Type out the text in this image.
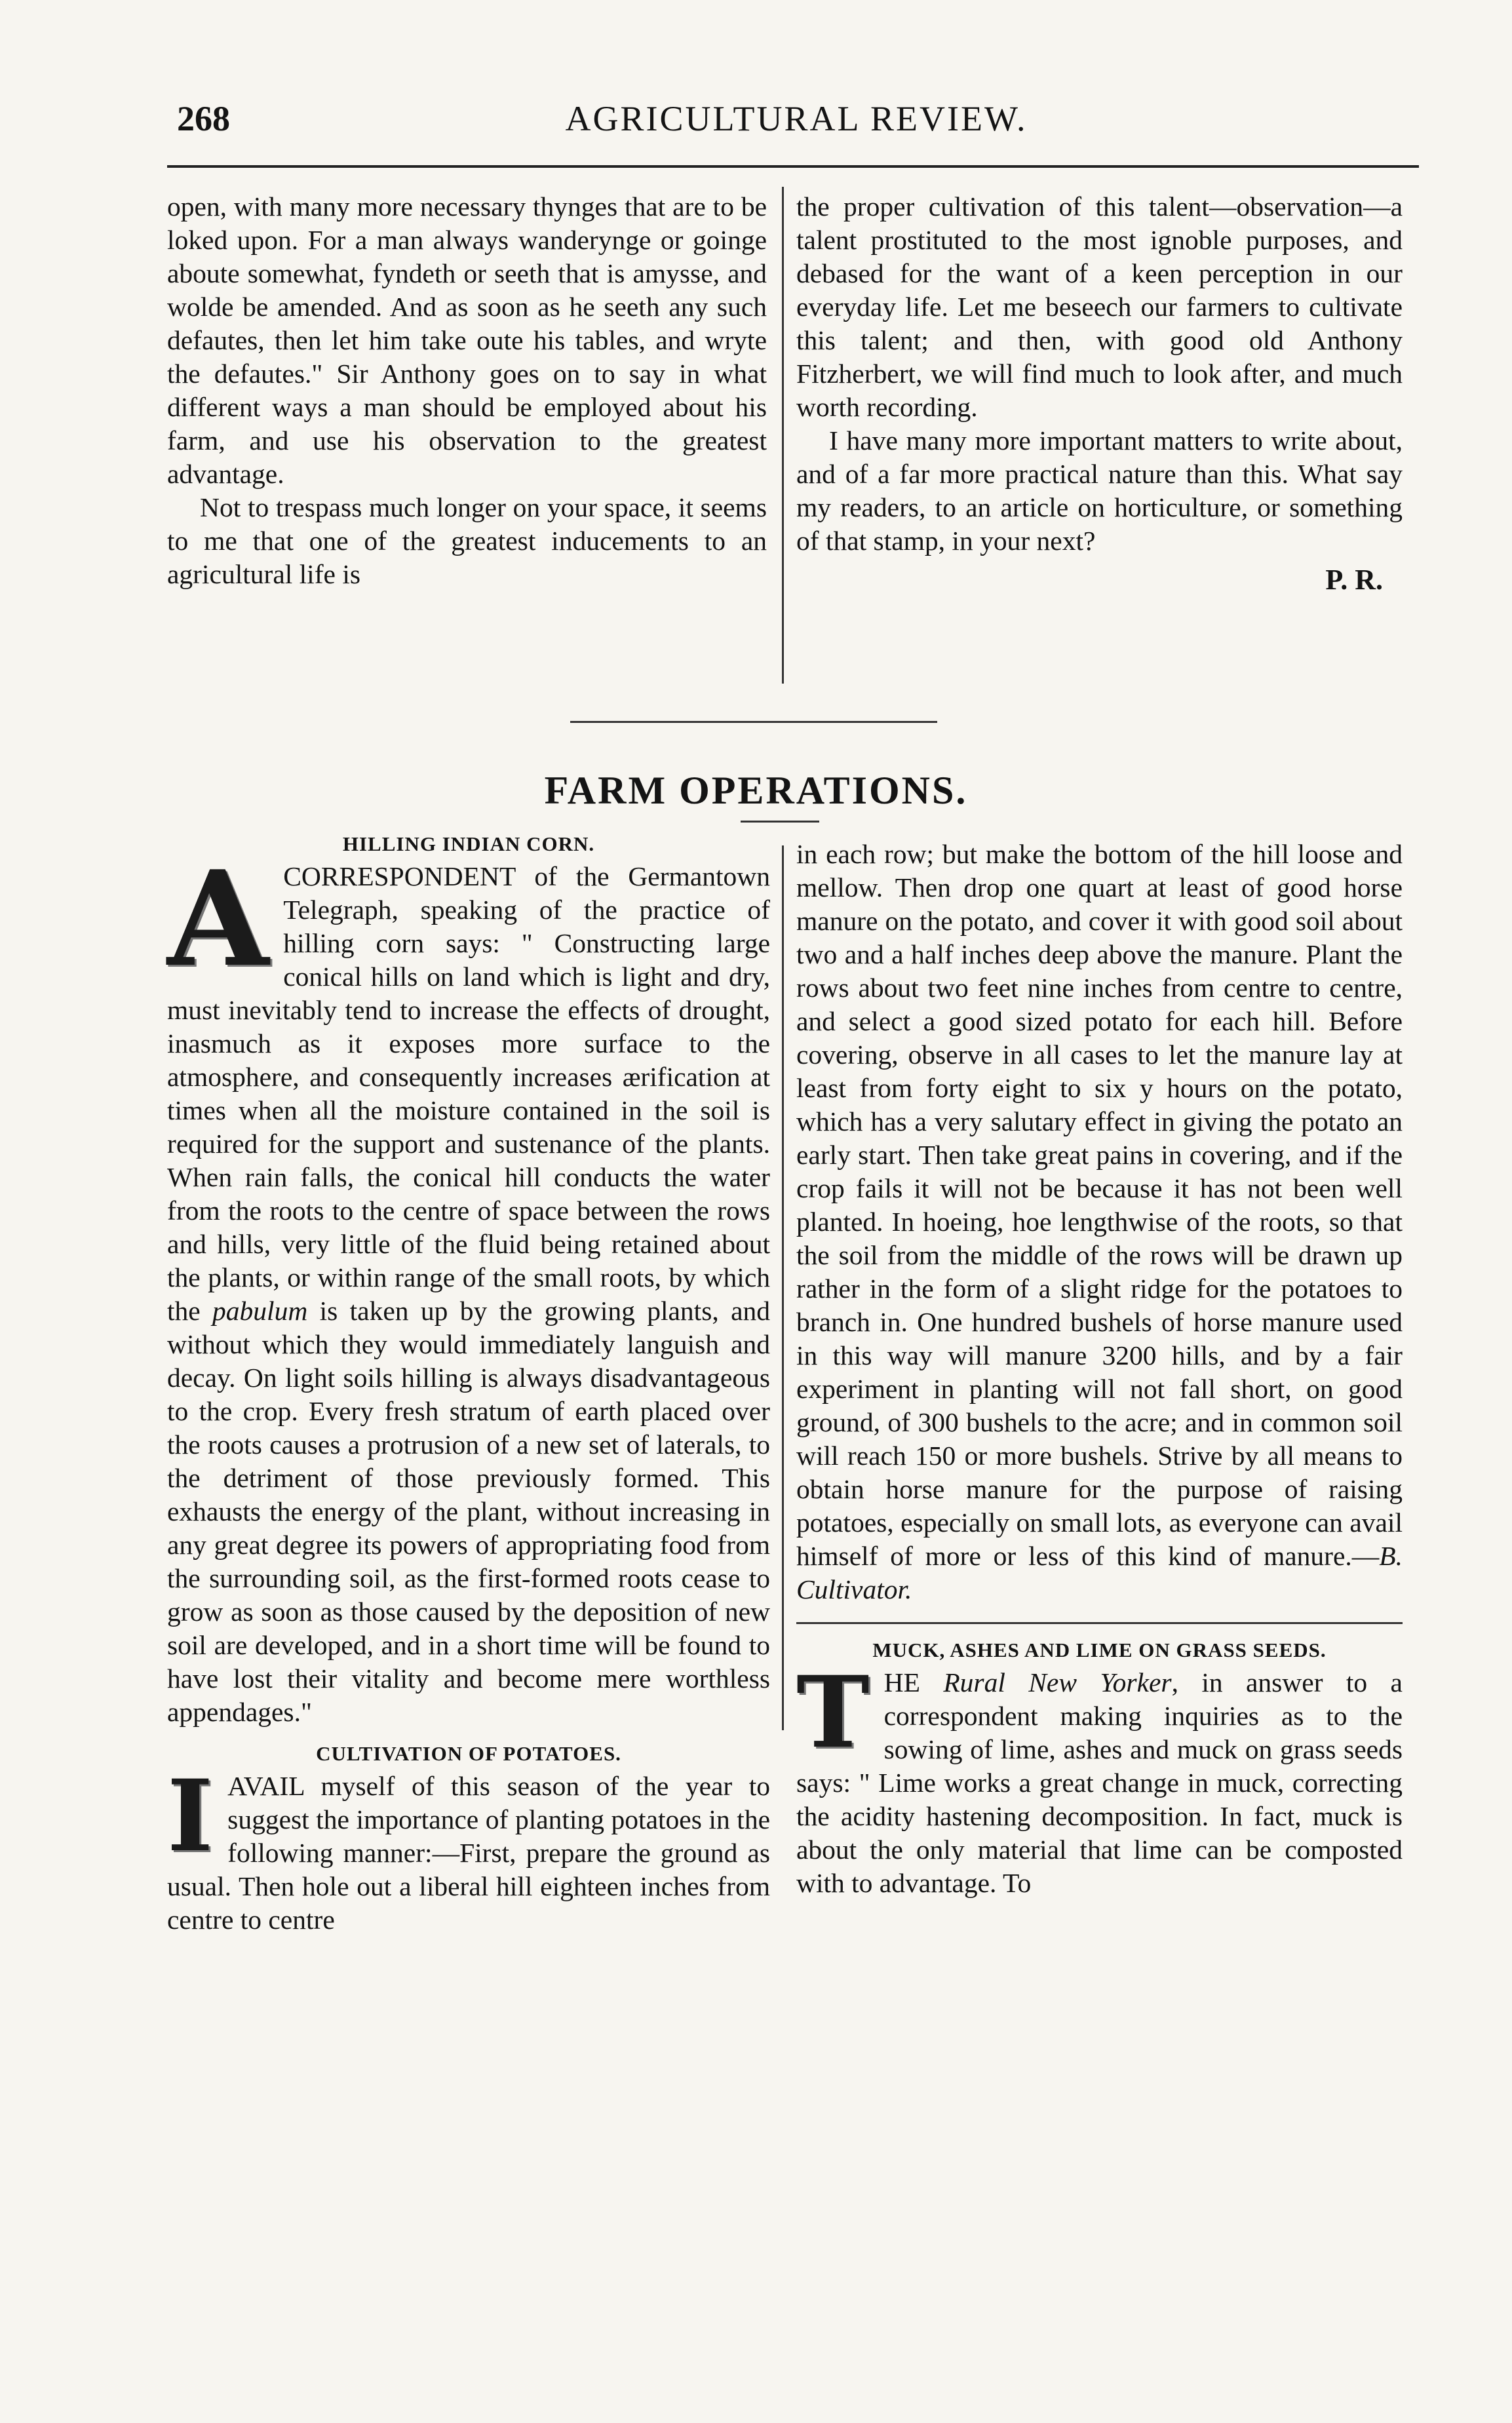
268	AGRICULTURAL REVIEW.

open, with many more necessary thynges that are to be loked upon. For a man always wanderynge or goinge aboute somewhat, fyndeth or seeth that is amysse, and wolde be amended. And as soon as he seeth any such defautes, then let him take oute his tables, and wryte the defautes." Sir Anthony goes on to say in what different ways a man should be employed about his farm, and use his observation to the greatest advantage.

Not to trespass much longer on your space, it seems to me that one of the greatest inducements to an agricultural life is

the proper cultivation of this talent—observation—a talent prostituted to the most ignoble purposes, and debased for the want of a keen perception in our everyday life. Let me beseech our farmers to cultivate this talent; and then, with good old Anthony Fitzherbert, we will find much to look after, and much worth recording.

I have many more important matters to write about, and of a far more practical nature than this. What say my readers, to an article on horticulture, or something of that stamp, in your next?

P. R.
FARM OPERATIONS.
HILLING INDIAN CORN.
A CORRESPONDENT of the Germantown Telegraph, speaking of the practice of hilling corn says: " Constructing large conical hills on land which is light and dry, must inevitably tend to increase the effects of drought, inasmuch as it exposes more surface to the atmosphere, and consequently increases ærification at times when all the moisture contained in the soil is required for the support and sustenance of the plants. When rain falls, the conical hill conducts the water from the roots to the centre of space between the rows and hills, very little of the fluid being retained about the plants, or within range of the small roots, by which the pabulum is taken up by the growing plants, and without which they would immediately languish and decay. On light soils hilling is always disadvantageous to the crop. Every fresh stratum of earth placed over the roots causes a protrusion of a new set of laterals, to the detriment of those previously formed. This exhausts the energy of the plant, without increasing in any great degree its powers of appropriating food from the surrounding soil, as the first-formed roots cease to grow as soon as those caused by the deposition of new soil are developed, and in a short time will be found to have lost their vitality and become mere worthless appendages."

CULTIVATION OF POTATOES.
I AVAIL myself of this season of the year to suggest the importance of planting potatoes in the following manner:—First, prepare the ground as usual. Then hole out a liberal hill eighteen inches from centre to centre

in each row; but make the bottom of the hill loose and mellow. Then drop one quart at least of good horse manure on the potato, and cover it with good soil about two and a half inches deep above the manure. Plant the rows about two feet nine inches from centre to centre, and select a good sized potato for each hill. Before covering, observe in all cases to let the manure lay at least from forty eight to six y hours on the potato, which has a very salutary effect in giving the potato an early start. Then take great pains in covering, and if the crop fails it will not be because it has not been well planted. In hoeing, hoe lengthwise of the roots, so that the soil from the middle of the rows will be drawn up rather in the form of a slight ridge for the potatoes to branch in. One hundred bushels of horse manure used in this way will manure 3200 hills, and by a fair experiment in planting will not fall short, on good ground, of 300 bushels to the acre; and in common soil will reach 150 or more bushels. Strive by all means to obtain horse manure for the purpose of raising potatoes, especially on small lots, as everyone can avail himself of more or less of this kind of manure.—B. Cultivator.

MUCK, ASHES AND LIME ON GRASS SEEDS.
T HE Rural New Yorker, in answer to a correspondent making inquiries as to the sowing of lime, ashes and muck on grass seeds says: " Lime works a great change in muck, correcting the acidity hastening decomposition. In fact, muck is about the only material that lime can be composted with to advantage. To
